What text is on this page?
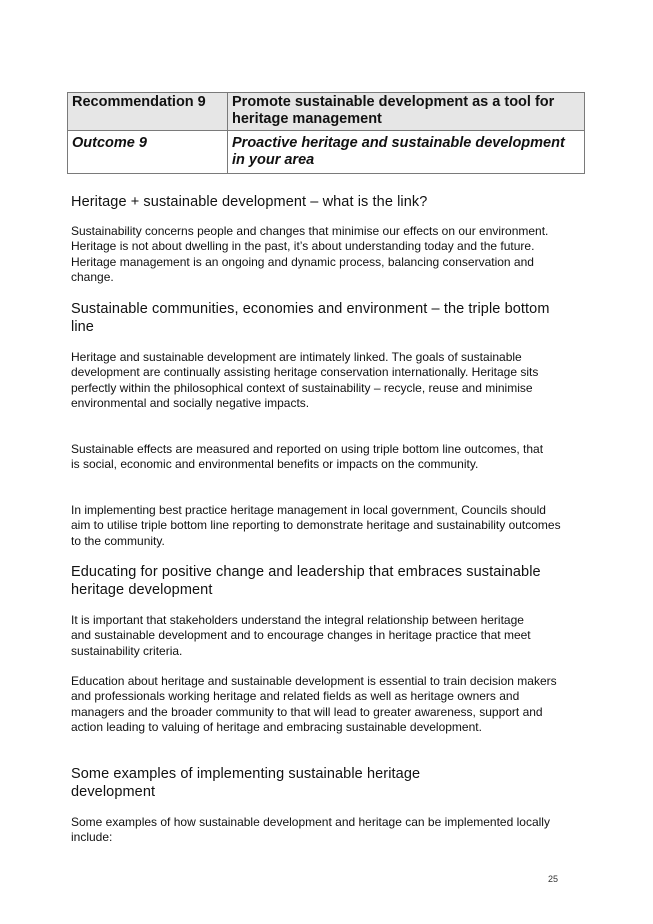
Recommendation 9	Promote sustainable development as a tool for heritage management
Outcome 9	Proactive heritage and sustainable development in your area
Heritage + sustainable development – what is the link?

Sustainability concerns people and changes that minimise our effects on our environment. Heritage is not about dwelling in the past, it’s about understanding today and the future. Heritage management is an ongoing and dynamic process, balancing conservation and change.

Sustainable communities, economies and environment – the triple bottom line

Heritage and sustainable development are intimately linked. The goals of sustainable development are continually assisting heritage conservation internationally. Heritage sits perfectly within the philosophical context of sustainability – recycle, reuse and minimise environmental and socially negative impacts.

Sustainable effects are measured and reported on using triple bottom line outcomes, that is social, economic and environmental benefits or impacts on the community.

In implementing best practice heritage management in local government, Councils should aim to utilise triple bottom line reporting to demonstrate heritage and sustainability outcomes to the community.

Educating for positive change and leadership that embraces sustainable heritage development

It is important that stakeholders understand the integral relationship between heritage and sustainable development and to encourage changes in heritage practice that meet sustainability criteria.

Education about heritage and sustainable development is essential to train decision makers and professionals working heritage and related fields as well as heritage owners and managers and the broader community to that will lead to greater awareness, support and action leading to valuing of heritage and embracing sustainable development.

Some examples of implementing sustainable heritage development

Some examples of how sustainable development and heritage can be implemented locally include:

25
